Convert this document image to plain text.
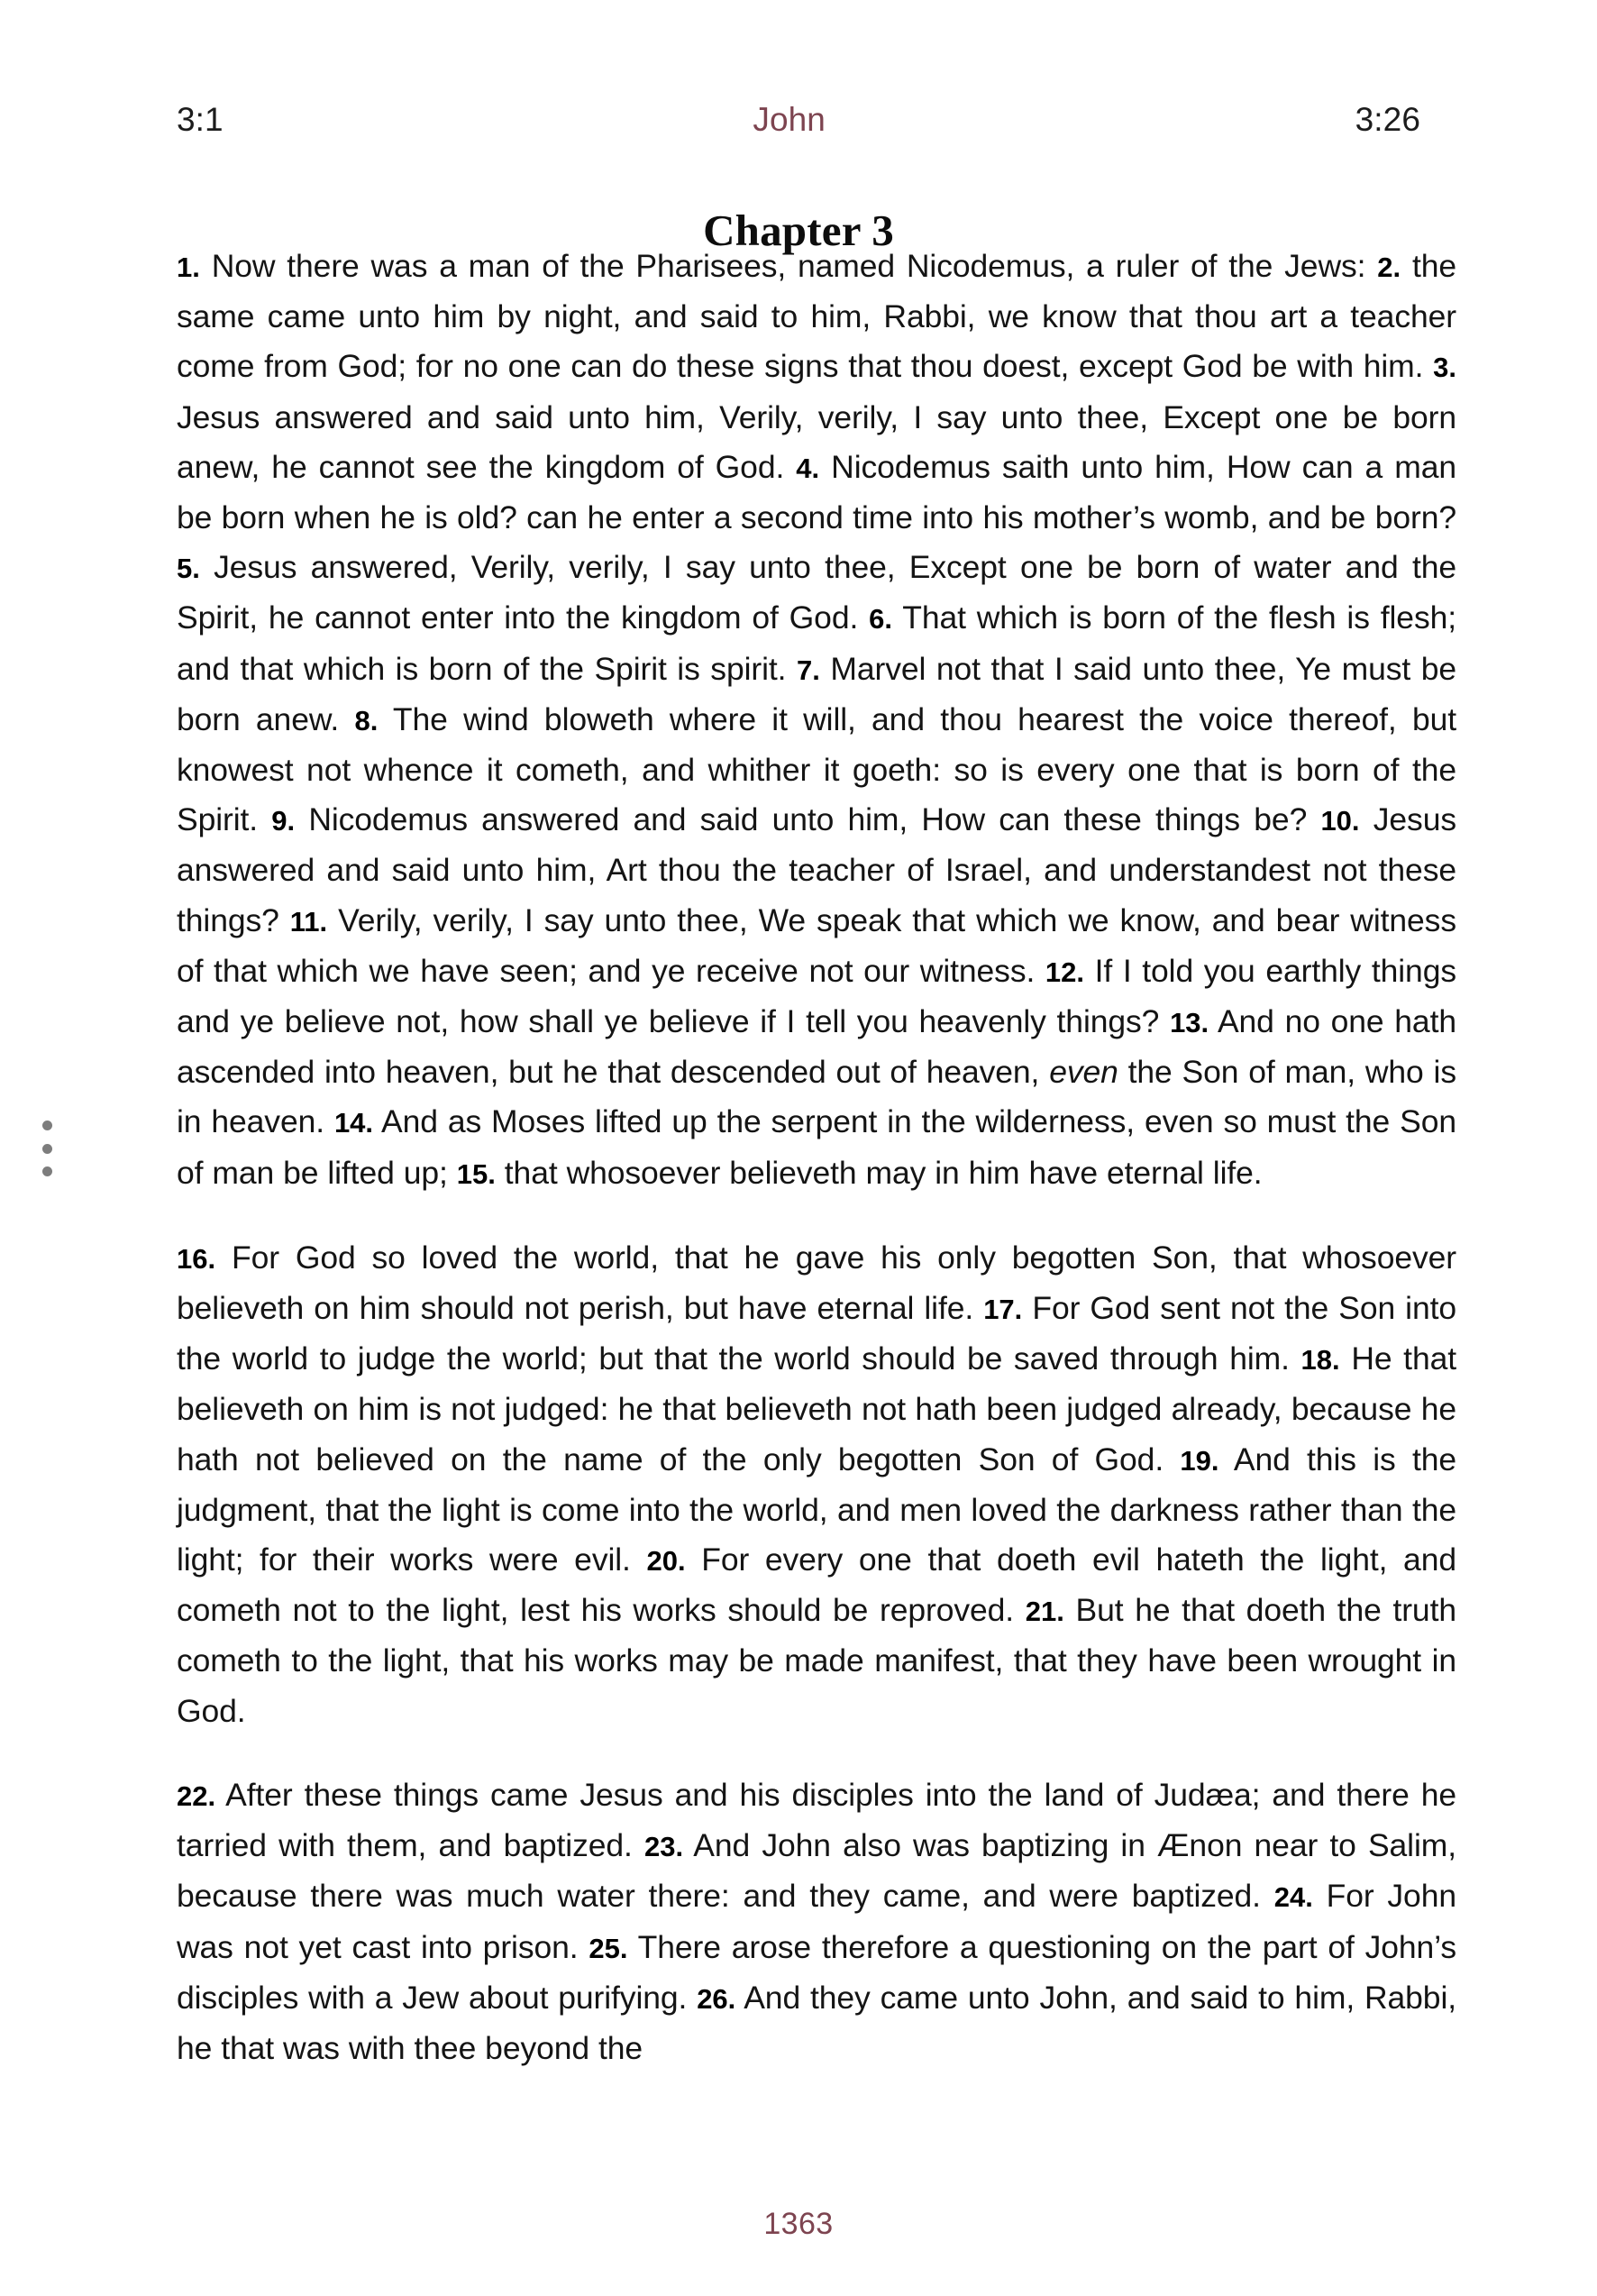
3:1	John	3:26
Chapter 3

1. Now there was a man of the Pharisees, named Nicodemus, a ruler of the Jews: 2. the same came unto him by night, and said to him, Rabbi, we know that thou art a teacher come from God; for no one can do these signs that thou doest, except God be with him. 3. Jesus answered and said unto him, Verily, verily, I say unto thee, Except one be born anew, he cannot see the kingdom of God. 4. Nicodemus saith unto him, How can a man be born when he is old? can he enter a second time into his mother’s womb, and be born? 5. Jesus answered, Verily, verily, I say unto thee, Except one be born of water and the Spirit, he cannot enter into the kingdom of God. 6. That which is born of the flesh is flesh; and that which is born of the Spirit is spirit. 7. Marvel not that I said unto thee, Ye must be born anew. 8. The wind bloweth where it will, and thou hearest the voice thereof, but knowest not whence it cometh, and whither it goeth: so is every one that is born of the Spirit. 9. Nicodemus answered and said unto him, How can these things be? 10. Jesus answered and said unto him, Art thou the teacher of Israel, and understandest not these things? 11. Verily, verily, I say unto thee, We speak that which we know, and bear witness of that which we have seen; and ye receive not our witness. 12. If I told you earthly things and ye believe not, how shall ye believe if I tell you heavenly things? 13. And no one hath ascended into heaven, but he that descended out of heaven, even the Son of man, who is in heaven. 14. And as Moses lifted up the serpent in the wilderness, even so must the Son of man be lifted up; 15. that whosoever believeth may in him have eternal life.

16. For God so loved the world, that he gave his only begotten Son, that whosoever believeth on him should not perish, but have eternal life. 17. For God sent not the Son into the world to judge the world; but that the world should be saved through him. 18. He that believeth on him is not judged: he that believeth not hath been judged already, because he hath not believed on the name of the only begotten Son of God. 19. And this is the judgment, that the light is come into the world, and men loved the darkness rather than the light; for their works were evil. 20. For every one that doeth evil hateth the light, and cometh not to the light, lest his works should be reproved. 21. But he that doeth the truth cometh to the light, that his works may be made manifest, that they have been wrought in God.

22. After these things came Jesus and his disciples into the land of Judæa; and there he tarried with them, and baptized. 23. And John also was baptizing in Ænon near to Salim, because there was much water there: and they came, and were baptized. 24. For John was not yet cast into prison. 25. There arose therefore a questioning on the part of John’s disciples with a Jew about purifying. 26. And they came unto John, and said to him, Rabbi, he that was with thee beyond the

1363
